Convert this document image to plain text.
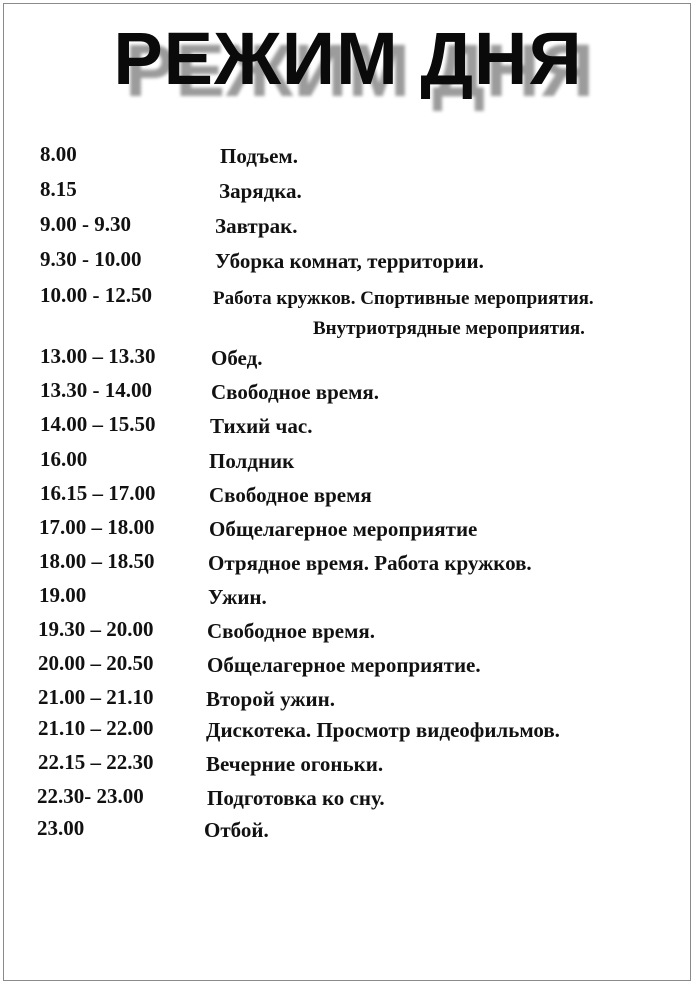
РЕЖИМ ДНЯ
8.00	Подъем.
8.15	Зарядка.
9.00 - 9.30	Завтрак.
9.30 - 10.00	Уборка комнат, территории.
10.00 - 12.50	Работа кружков. Спортивные мероприятия.
Внутриотрядные мероприятия.
13.00 – 13.30	Обед.
13.30 - 14.00	Свободное время.
14.00 – 15.50	Тихий час.
16.00	Полдник
16.15 – 17.00	Свободное время
17.00 – 18.00	Общелагерное мероприятие
18.00 – 18.50	Отрядное время. Работа кружков.
19.00	Ужин.
19.30 – 20.00	Свободное время.
20.00 – 20.50	Общелагерное мероприятие.
21.00 – 21.10	Второй ужин.
21.10 – 22.00	Дискотека. Просмотр видеофильмов.
22.15 – 22.30	Вечерние огоньки.
22.30- 23.00	Подготовка ко сну.
23.00	Отбой.
